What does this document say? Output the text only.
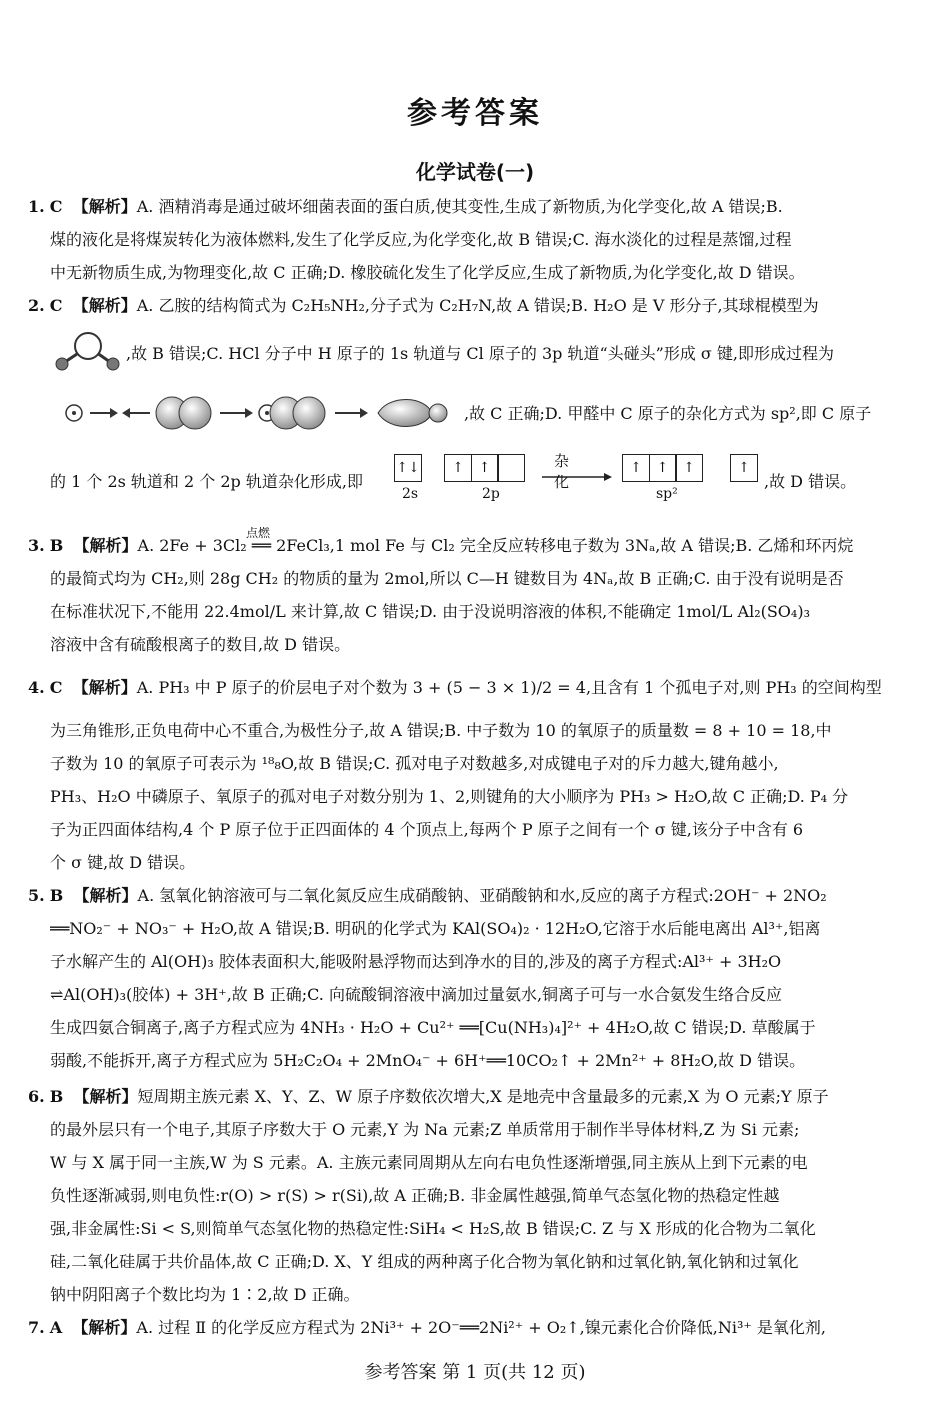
参考答案
化学试卷(一)
1. C 【解析】A. 酒精消毒是通过破坏细菌表面的蛋白质,使其变性,生成了新物质,为化学变化,故 A 错误;B.
煤的液化是将煤炭转化为液体燃料,发生了化学反应,为化学变化,故 B 错误;C. 海水淡化的过程是蒸馏,过程
中无新物质生成,为物理变化,故 C 正确;D. 橡胶硫化发生了化学反应,生成了新物质,为化学变化,故 D 错误。
2. C 【解析】A. 乙胺的结构简式为 C₂H₅NH₂,分子式为 C₂H₇N,故 A 错误;B. H₂O 是 V 形分子,其球棍模型为
,故 B 错误;C. HCl 分子中 H 原子的 1s 轨道与 Cl 原子的 3p 轨道“头碰头”形成 σ 键,即形成过程为
,故 C 正确;D. 甲醛中 C 原子的杂化方式为 sp²,即 C 原子
的 1 个 2s 轨道和 2 个 2p 轨道杂化形成,即
↑↓	↑ ↑	杂化
↑ ↑ ↑	↑
2s	2p	sp²
,故 D 错误。
点燃
3. B 【解析】A. 2Fe + 3Cl₂ ══ 2FeCl₃,1 mol Fe 与 Cl₂ 完全反应转移电子数为 3Nₐ,故 A 错误;B. 乙烯和环丙烷
的最简式均为 CH₂,则 28g CH₂ 的物质的量为 2mol,所以 C—H 键数目为 4Nₐ,故 B 正确;C. 由于没有说明是否
在标准状况下,不能用 22.4mol/L 来计算,故 C 错误;D. 由于没说明溶液的体积,不能确定 1mol/L Al₂(SO₄)₃
溶液中含有硫酸根离子的数目,故 D 错误。
4. C 【解析】A. PH₃ 中 P 原子的价层电子对个数为 3 + (5 − 3 × 1)/2 = 4,且含有 1 个孤电子对,则 PH₃ 的空间构型
为三角锥形,正负电荷中心不重合,为极性分子,故 A 错误;B. 中子数为 10 的氧原子的质量数 = 8 + 10 = 18,中
子数为 10 的氧原子可表示为 ¹⁸₈O,故 B 错误;C. 孤对电子对数越多,对成键电子对的斥力越大,键角越小,
PH₃、H₂O 中磷原子、氧原子的孤对电子对数分别为 1、2,则键角的大小顺序为 PH₃ > H₂O,故 C 正确;D. P₄ 分
子为正四面体结构,4 个 P 原子位于正四面体的 4 个顶点上,每两个 P 原子之间有一个 σ 键,该分子中含有 6
个 σ 键,故 D 错误。
5. B 【解析】A. 氢氧化钠溶液可与二氧化氮反应生成硝酸钠、亚硝酸钠和水,反应的离子方程式:2OH⁻ + 2NO₂
══NO₂⁻ + NO₃⁻ + H₂O,故 A 错误;B. 明矾的化学式为 KAl(SO₄)₂ · 12H₂O,它溶于水后能电离出 Al³⁺,铝离
子水解产生的 Al(OH)₃ 胶体表面积大,能吸附悬浮物而达到净水的目的,涉及的离子方程式:Al³⁺ + 3H₂O
⇌Al(OH)₃(胶体) + 3H⁺,故 B 正确;C. 向硫酸铜溶液中滴加过量氨水,铜离子可与一水合氨发生络合反应
生成四氨合铜离子,离子方程式应为 4NH₃ · H₂O + Cu²⁺ ══[Cu(NH₃)₄]²⁺ + 4H₂O,故 C 错误;D. 草酸属于
弱酸,不能拆开,离子方程式应为 5H₂C₂O₄ + 2MnO₄⁻ + 6H⁺══10CO₂↑ + 2Mn²⁺ + 8H₂O,故 D 错误。
6. B 【解析】短周期主族元素 X、Y、Z、W 原子序数依次增大,X 是地壳中含量最多的元素,X 为 O 元素;Y 原子
的最外层只有一个电子,其原子序数大于 O 元素,Y 为 Na 元素;Z 单质常用于制作半导体材料,Z 为 Si 元素;
W 与 X 属于同一主族,W 为 S 元素。A. 主族元素同周期从左向右电负性逐渐增强,同主族从上到下元素的电
负性逐渐减弱,则电负性:r(O) > r(S) > r(Si),故 A 正确;B. 非金属性越强,简单气态氢化物的热稳定性越
强,非金属性:Si < S,则简单气态氢化物的热稳定性:SiH₄ < H₂S,故 B 错误;C. Z 与 X 形成的化合物为二氧化
硅,二氧化硅属于共价晶体,故 C 正确;D. X、Y 组成的两种离子化合物为氧化钠和过氧化钠,氧化钠和过氧化
钠中阴阳离子个数比均为 1∶2,故 D 正确。
7. A 【解析】A. 过程 Ⅱ 的化学反应方程式为 2Ni³⁺ + 2O⁻══2Ni²⁺ + O₂↑,镍元素化合价降低,Ni³⁺ 是氧化剂,
参考答案 第 1 页(共 12 页)
